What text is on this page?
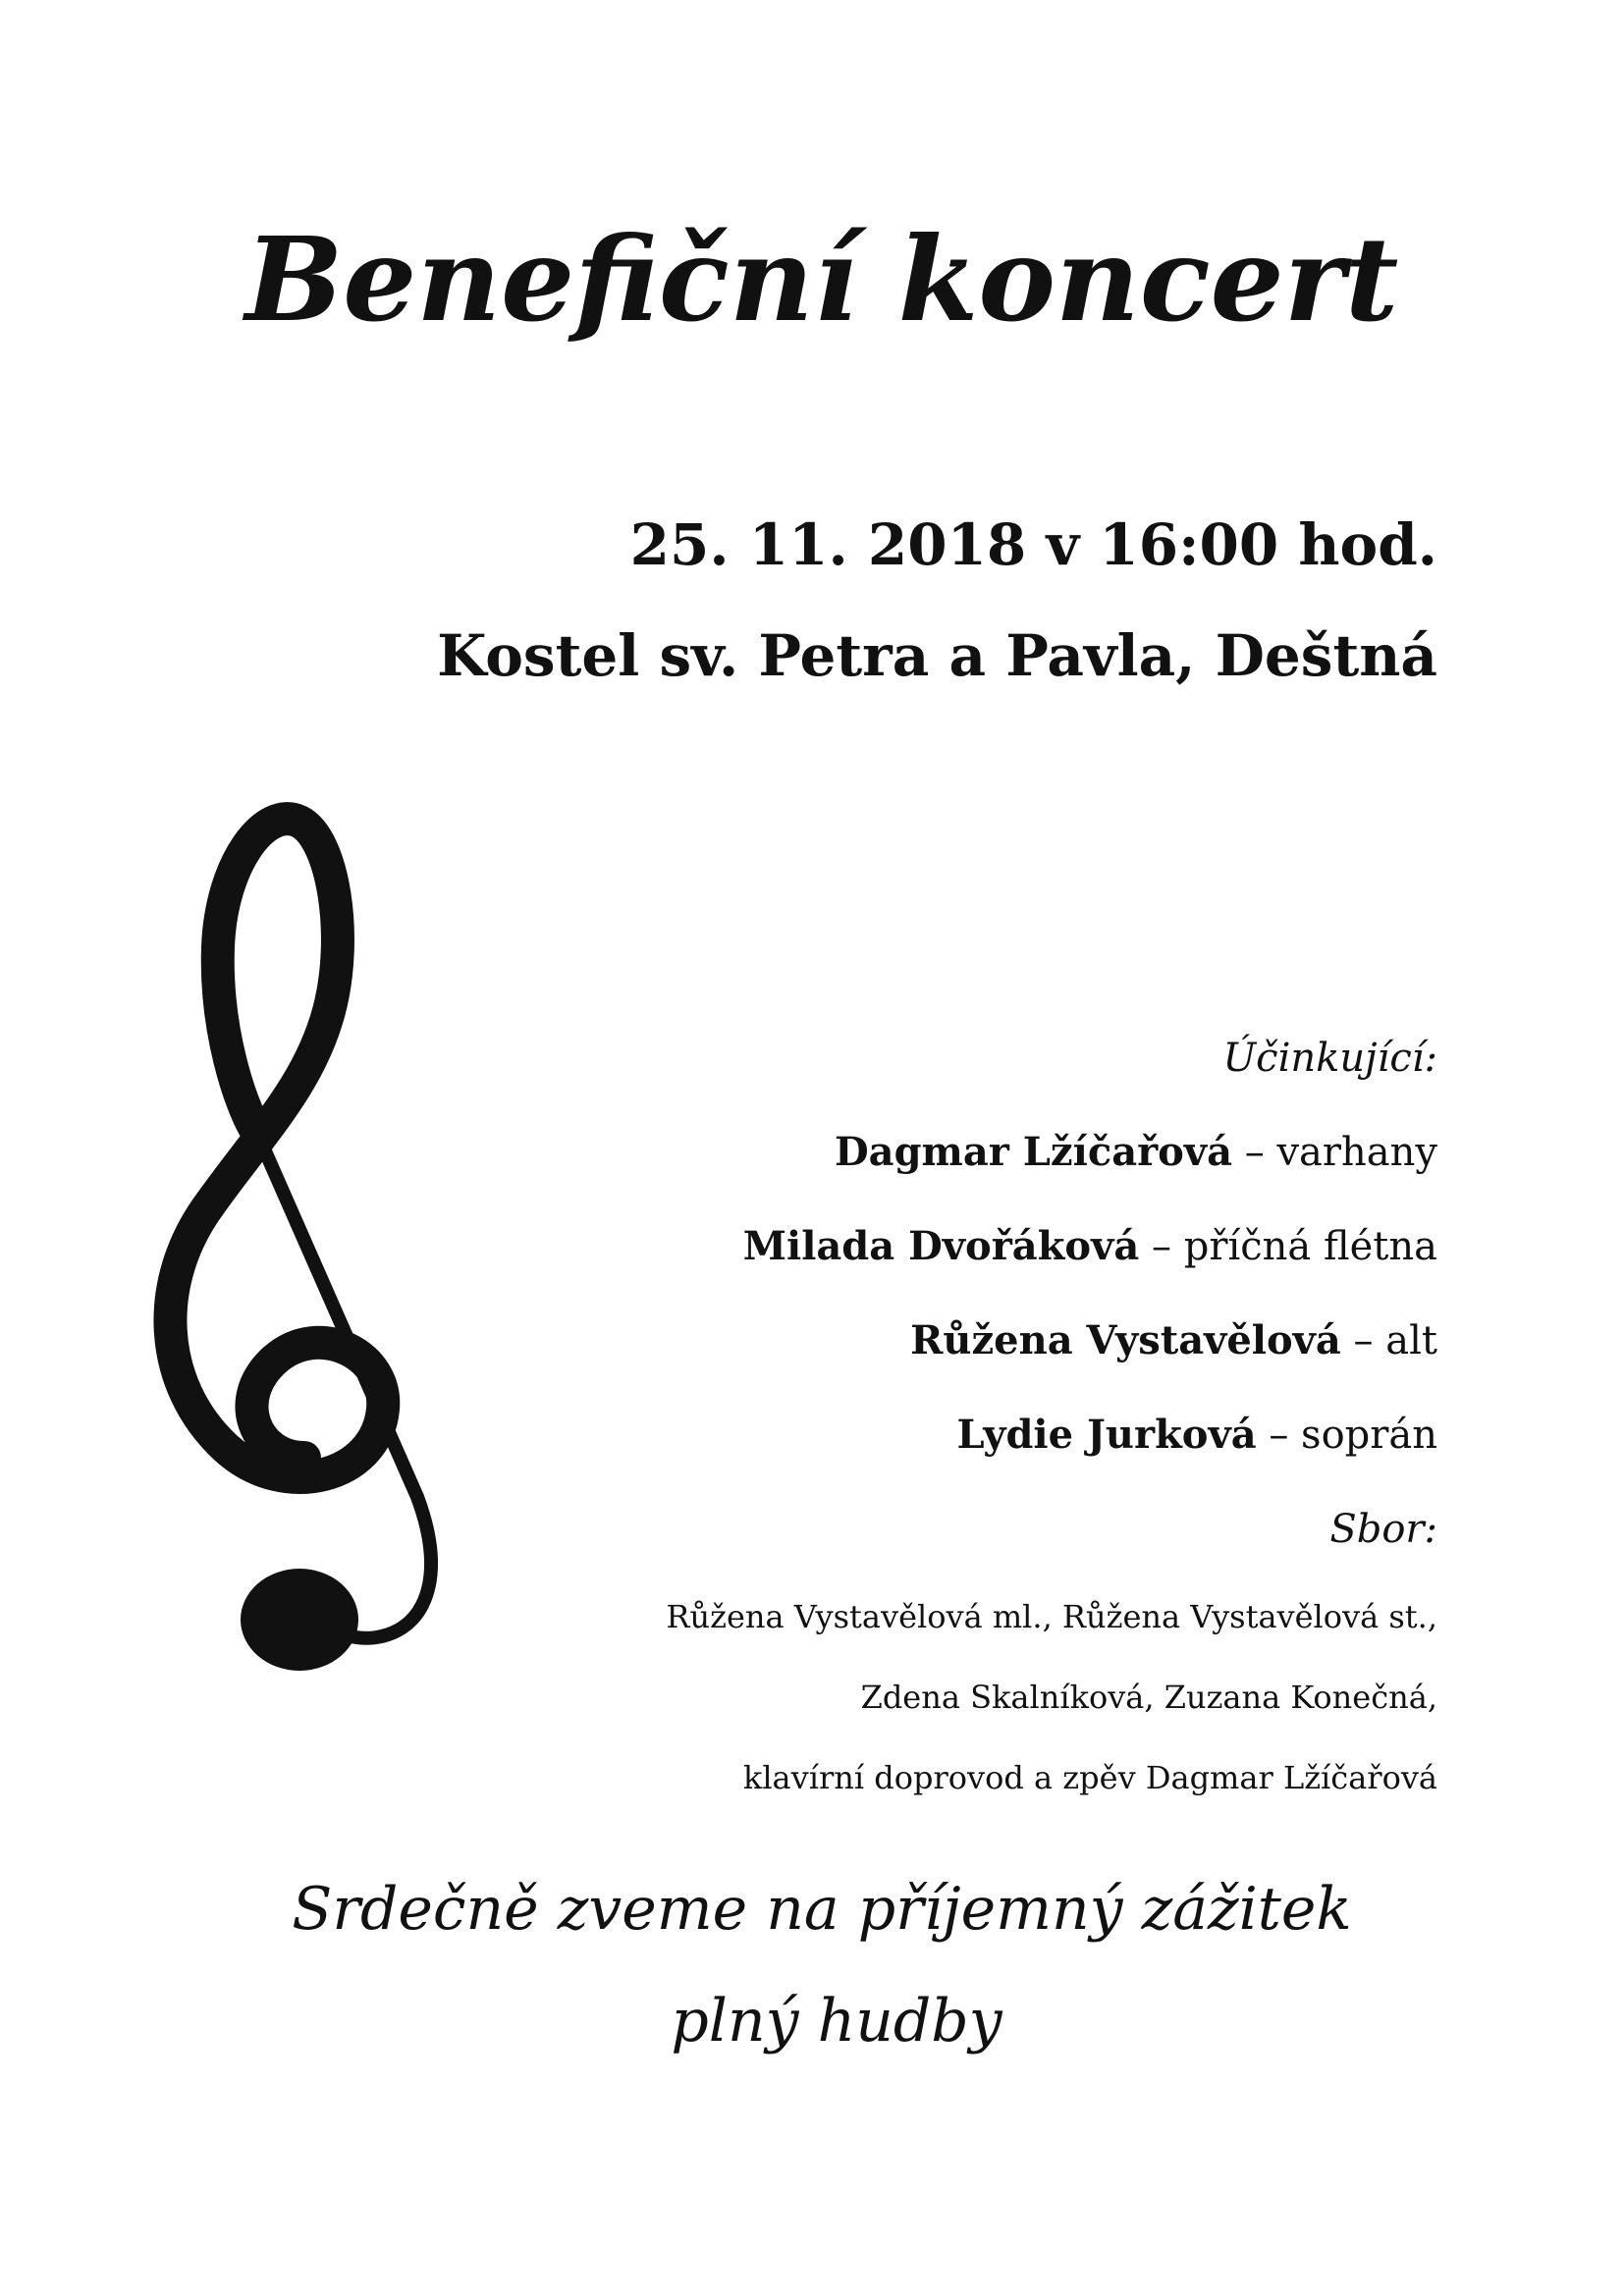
Benefiční koncert
25. 11. 2018 v 16:00 hod.
Kostel sv. Petra a Pavla, Deštná
Účinkující:
Dagmar Lžíčařová – varhany
Milada Dvořáková – příčná flétna
Růžena Vystavělová – alt
Lydie Jurková – soprán
Sbor:
Růžena Vystavělová ml., Růžena Vystavělová st.,
Zdena Skalníková, Zuzana Konečná,
klavírní doprovod a zpěv Dagmar Lžíčařová
Srdečně zveme na příjemný zážitek
plný hudby
